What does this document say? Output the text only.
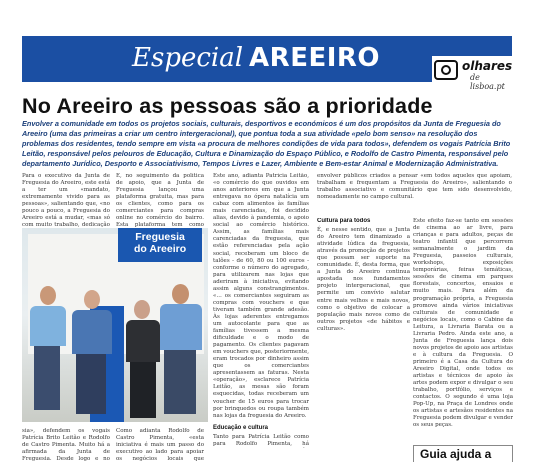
Especial AREEIRO	olhares
de lisboa.pt
No Areeiro as pessoas são a prioridade
Envolver a comunidade em todos os projetos sociais, culturais, desportivos e económicos é um dos propósitos da Junta de Freguesia do Areeiro (uma das primeiras a criar um centro intergeracional), que pontua toda a sua atividade «pelo bom senso» na resolução dos problemas dos residentes, tendo sempre em vista «a procura de melhores condições de vida para todos», defendem os vogais Patrícia Brito Leitão, responsável pelos pelouros de Educação, Cultura e Dinamização do Espaço Público, e Rodolfo de Castro Pimenta, responsável pelo departamento Jurídico, Desporto e Associativismo, Tempos Livres e Lazer, Ambiente e Bem-estar Animal e Modernização Administrativa.

Para o executivo da Junta de Freguesia do Areeiro, este está a ter um «mandato, extremamente vivido para as pessoas», salientando que, «no pouco a pouco, a Freguesia do Areeiro está a mudar, «mas só com muito trabalho, dedicação

É, no seguimento da política de apoio, que a Junta de Freguesia lançou uma plataforma gratuita, mas para os clientes, como para os comerciantes para compras online no comércio do bairro. Esta plataforma tem como

Este ano, adianta Patrícia Leitão, «o comércio do que ouvidos em anos anteriores em que a Junta entregava no ópera natalícia um cabaz com alimentos às famílias mais carenciadas, foi decidido alias, devido à pandemia, o apoio social ao comércio histórico. Assim, as famílias mais carenciadas da freguesia, que estão referenciadas pela ação social, receberam um bloco de talões - de 60, 80 ou 100 euros - conforme o número do agregado, para utilizarem nas lojas que aderiram à iniciativa, evitando assim alguns constrangimentos. «… os comerciantes seguiram as compras com vouchers e que tiveram também grande adesão. Às lojas aderentes entregamos um autocolante para que as famílias tivessem a mesma dificuldade e o modo de pagamento. Os clientes pagavam em vouchers que, posteriormente, eram trocados por dinheiro assim que os comerciantes apresentassem as faturas. Nesta «operação», esclarece Patrícia Leitão, as mesas são foram esquecidas, todas receberam um voucher de 15 euros para trocar por brinquedos ou roupa também nas lojas da freguesia do Areeiro.

Educação e cultura

Tanto para Patrícia Leitão como para Rodolfo Pimenta, há

envolver públicos criados a pensar «em todos aqueles que apoiam, trabalham e frequentam a Freguesia do Areeiro», salientando o trabalho associativo e comunitário que tem sido desenvolvido, nomeadamente no campo cultural.

Cultura para todos

É, e nesse sentido, que a Junta do Areeiro tem dinamizado a atividade lúdica da freguesia, através da promoção de projetos que possam ser suporte na comunidade. É, desta forma, que a Junta do Areeiro continua apostada nos fundamentos projeto intergeracional, que permite um convívio salutar entre mais velhos e mais novos, como o objetivo de colocar a população mais novos como de outros projetos «de hábitos e culturas».

Este efeito faz-se tanto em sessões de cinema ao ar livre, para crianças e para adultos, peças de teatro infantil que percorrem semanalmente o jardim da Freguesia, passeios culturais, workshops, exposições temporárias, feiras temáticas, sessões de cinema em parques florestais, concertos, ensaios e muito mais. Para além da programação própria, a Freguesia promove ainda vários iniciativas culturais de comunidade e negócios locais, como o Cabine da Leitura, a Livraria Barata ou a Livraria Pedro. Ainda este ano, a Junta de Freguesia lança dois novos projetos de apoio aos artistas e à cultura da Freguesia. O primeiro é a Casa da Cultura do Areeiro Digital, onde todos os artistas e técnicos de apoio às artes podem expor e divulgar o seu trabalho, portfólio, serviços e contactos. O segundo é uma loja Pop-Up, na Praça de Londres onde os artistas e artesãos residentes na Freguesia podem divulgar e vender os seus peças.

sia», defendem os vogais Patrícia Brito Leitão e Rodolfo de Castro Pimenta. Muito há a afirmada da Junta de Freguesia. Desde logo e no

Como adianta Rodolfo de Castro Pimenta, «esta iniciativa é mais um passo do executivo ao lado para apoiar os negócios locais que

Freguesia
do Areeiro
Guia ajuda a
